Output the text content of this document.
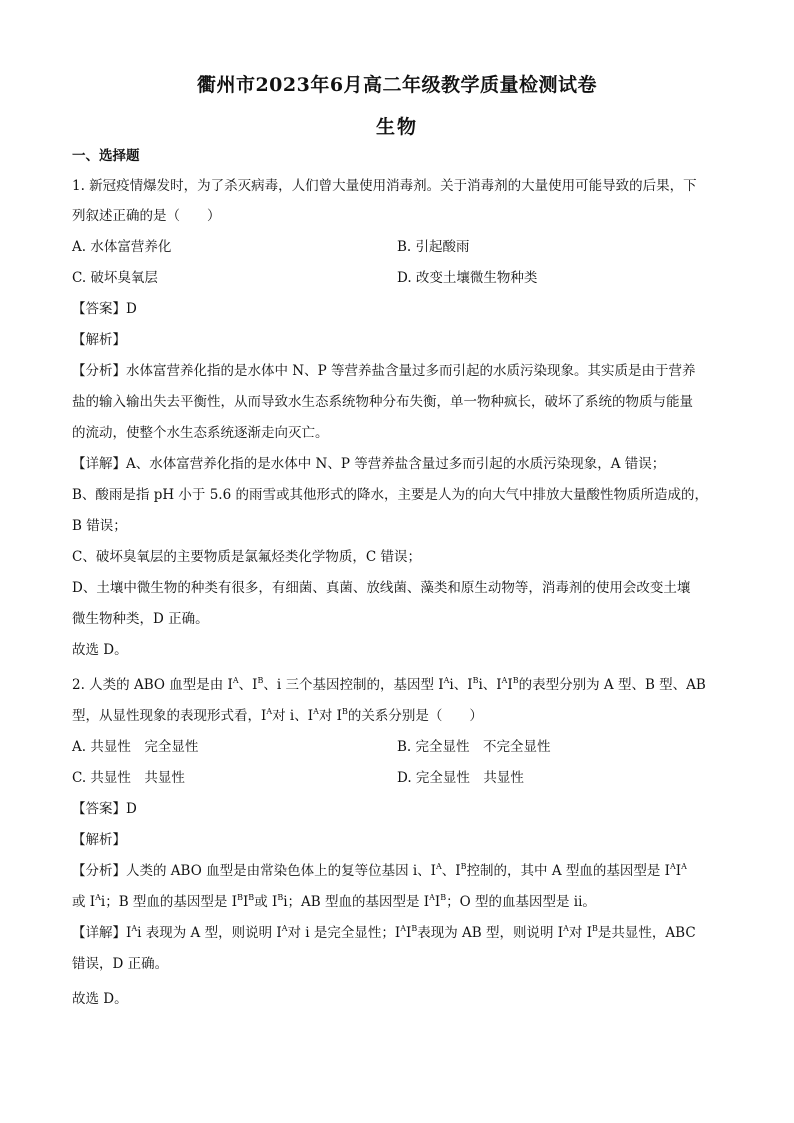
衢州市2023年6月高二年级教学质量检测试卷
生物
一、选择题
1. 新冠疫情爆发时，为了杀灭病毒，人们曾大量使用消毒剂。关于消毒剂的大量使用可能导致的后果，下
列叙述正确的是（　　）
A. 水体富营养化	B. 引起酸雨
C. 破坏臭氧层	D. 改变土壤微生物种类
【答案】D
【解析】
【分析】水体富营养化指的是水体中 N、P 等营养盐含量过多而引起的水质污染现象。其实质是由于营养
盐的输入输出失去平衡性，从而导致水生态系统物种分布失衡，单一物种疯长，破坏了系统的物质与能量
的流动，使整个水生态系统逐渐走向灭亡。
【详解】A、水体富营养化指的是水体中 N、P 等营养盐含量过多而引起的水质污染现象，A 错误；
B、酸雨是指 pH 小于 5.6 的雨雪或其他形式的降水，主要是人为的向大气中排放大量酸性物质所造成的，
B 错误；
C、破坏臭氧层的主要物质是氯氟烃类化学物质，C 错误；
D、土壤中微生物的种类有很多，有细菌、真菌、放线菌、藻类和原生动物等，消毒剂的使用会改变土壤
微生物种类，D 正确。
故选 D。
2. 人类的 ABO 血型是由 $I^A$、$I^B$、i 三个基因控制的，基因型 $I^Ai$、$I^Bi$、$I^AI^B$的表型分别为 A 型、B 型、AB
型，从显性现象的表现形式看，$I^A$对 i、$I^A$对 $I^B$的关系分别是（　　）
A. 共显性　完全显性	B. 完全显性　不完全显性
C. 共显性　共显性	D. 完全显性　共显性
【答案】D
【解析】
【分析】人类的 ABO 血型是由常染色体上的复等位基因 i、$I^A$、$I^B$控制的，其中 A 型血的基因型是 $I^AI^A$
或 $I^Ai$；B 型血的基因型是 $I^BI^B$或 $I^Bi$；AB 型血的基因型是 $I^AI^B$；O 型的血基因型是 ii。
【详解】$I^Ai$ 表现为 A 型，则说明 $I^A$对 i 是完全显性；$I^AI^B$表现为 AB 型，则说明 $I^A$对 $I^B$是共显性，ABC
错误，D 正确。
故选 D。
